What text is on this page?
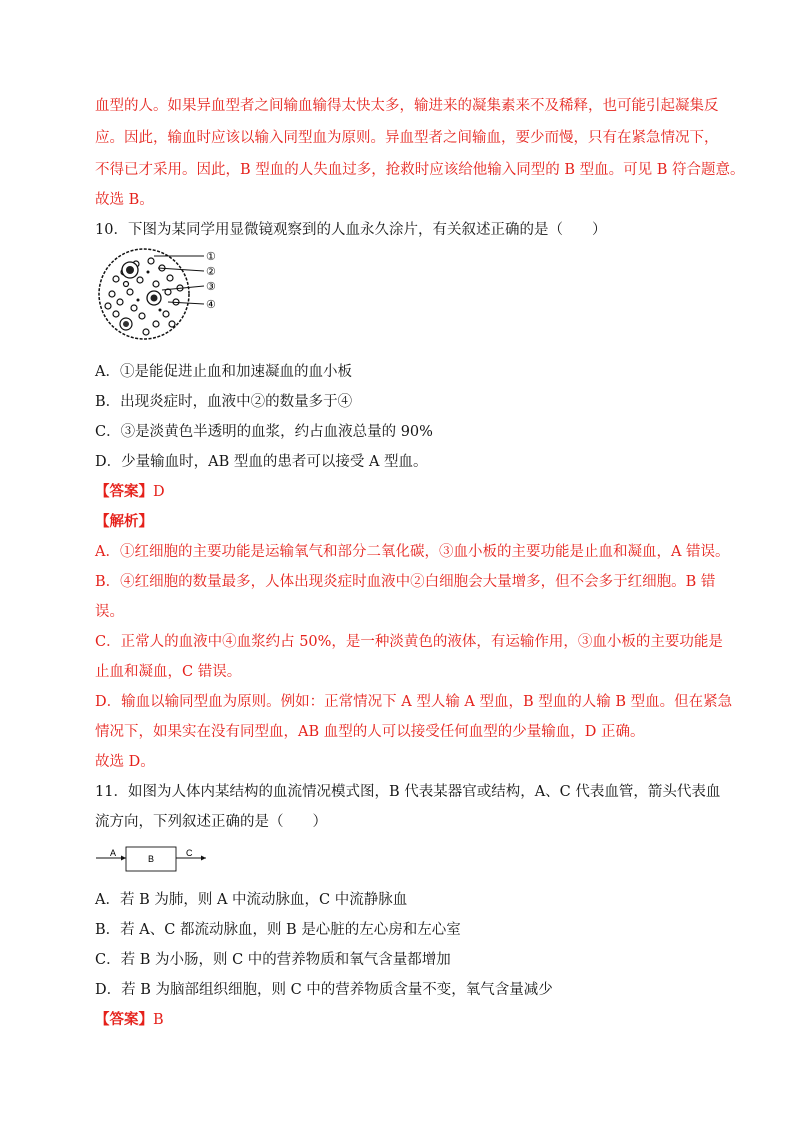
血型的人。如果异血型者之间输血输得太快太多，输进来的凝集素来不及稀释，也可能引起凝集反
应。因此，输血时应该以输入同型血为原则。异血型者之间输血，要少而慢，只有在紧急情况下，
不得已才采用。因此，B 型血的人失血过多，抢救时应该给他输入同型的 B 型血。可见 B 符合题意。
故选 B。
10．下图为某同学用显微镜观察到的人血永久涂片，有关叙述正确的是（　　）
①
②
③
④
A．①是能促进止血和加速凝血的血小板
B．出现炎症时，血液中②的数量多于④
C．③是淡黄色半透明的血浆，约占血液总量的 90%
D．少量输血时，AB 型血的患者可以接受 A 型血。
【答案】D
【解析】
A．①红细胞的主要功能是运输氧气和部分二氧化碳，③血小板的主要功能是止血和凝血，A 错误。
B．④红细胞的数量最多，人体出现炎症时血液中②白细胞会大量增多，但不会多于红细胞。B 错
误。
C．正常人的血液中④血浆约占 50%，是一种淡黄色的液体，有运输作用，③血小板的主要功能是
止血和凝血，C 错误。
D．输血以输同型血为原则。例如：正常情况下 A 型人输 A 型血，B 型血的人输 B 型血。但在紧急
情况下，如果实在没有同型血，AB 血型的人可以接受任何血型的少量输血，D 正确。
故选 D。
11．如图为人体内某结构的血流情况模式图，B 代表某器官或结构，A、C 代表血管，箭头代表血
流方向，下列叙述正确的是（　　）
A
B
C
A．若 B 为肺，则 A 中流动脉血，C 中流静脉血
B．若 A、C 都流动脉血，则 B 是心脏的左心房和左心室
C．若 B 为小肠，则 C 中的营养物质和氧气含量都增加
D．若 B 为脑部组织细胞，则 C 中的营养物质含量不变，氧气含量减少
【答案】B
